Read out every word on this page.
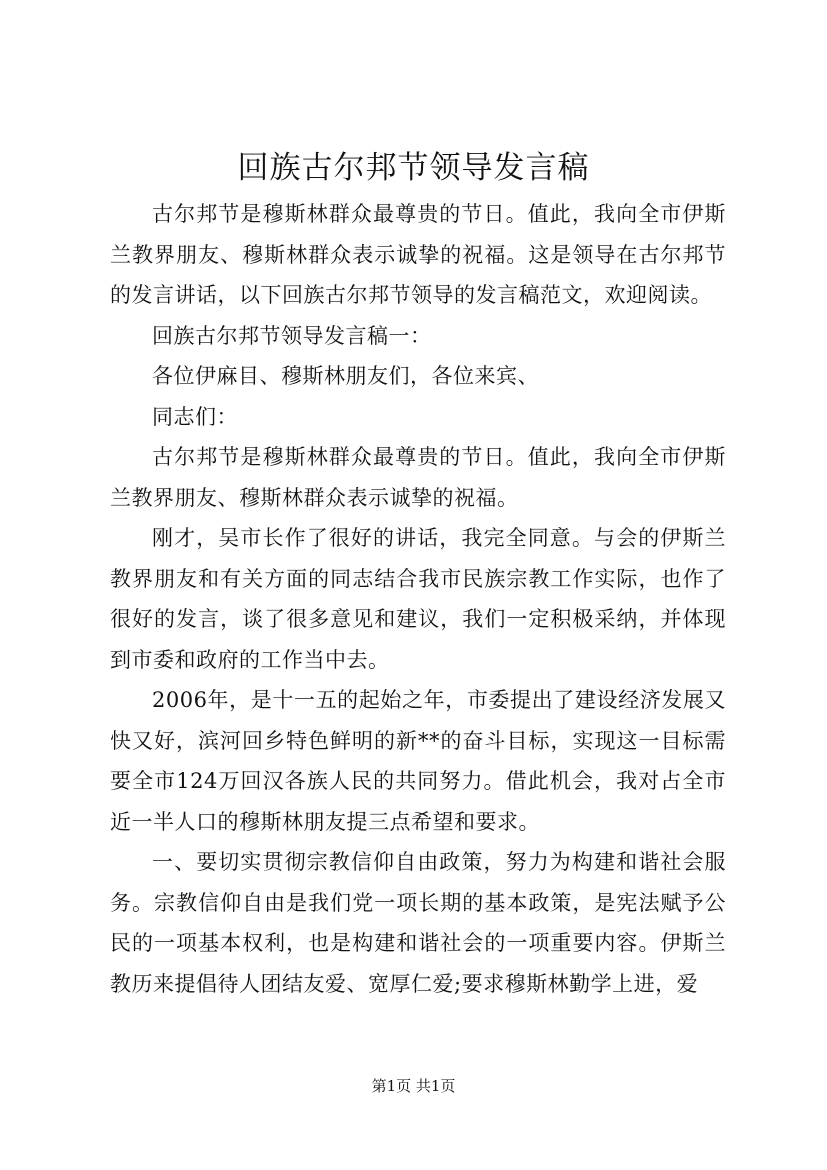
回族古尔邦节领导发言稿

古尔邦节是穆斯林群众最尊贵的节日。值此，我向全市伊斯兰教界朋友、穆斯林群众表示诚挚的祝福。这是领导在古尔邦节的发言讲话，以下回族古尔邦节领导的发言稿范文，欢迎阅读。

回族古尔邦节领导发言稿一：

各位伊麻目、穆斯林朋友们，各位来宾、

同志们：

古尔邦节是穆斯林群众最尊贵的节日。值此，我向全市伊斯兰教界朋友、穆斯林群众表示诚挚的祝福。

刚才，吴市长作了很好的讲话，我完全同意。与会的伊斯兰教界朋友和有关方面的同志结合我市民族宗教工作实际，也作了很好的发言，谈了很多意见和建议，我们一定积极采纳，并体现到市委和政府的工作当中去。

2006年，是十一五的起始之年，市委提出了建设经济发展又快又好，滨河回乡特色鲜明的新**的奋斗目标，实现这一目标需要全市124万回汉各族人民的共同努力。借此机会，我对占全市近一半人口的穆斯林朋友提三点希望和要求。

一、要切实贯彻宗教信仰自由政策，努力为构建和谐社会服务。宗教信仰自由是我们党一项长期的基本政策，是宪法赋予公民的一项基本权利，也是构建和谐社会的一项重要内容。伊斯兰教历来提倡待人团结友爱、宽厚仁爱;要求穆斯林勤学上进，爱

第1页 共1页
